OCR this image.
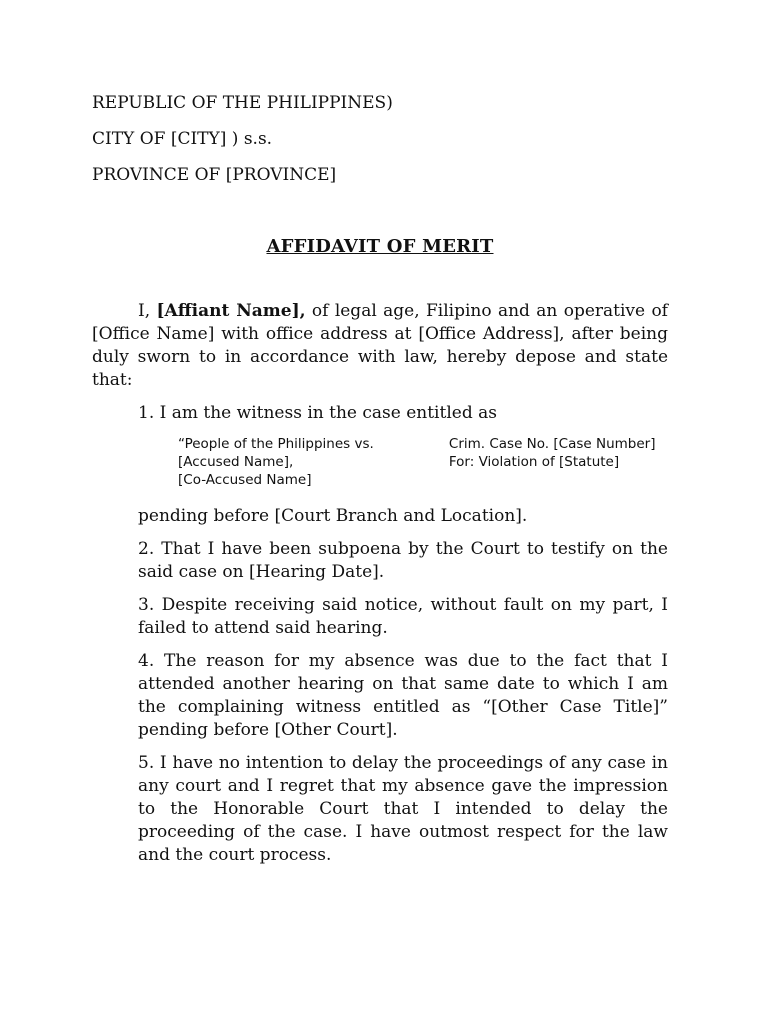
REPUBLIC OF THE PHILIPPINES)
CITY OF [CITY] ) s.s.
PROVINCE OF [PROVINCE]
AFFIDAVIT OF MERIT

I, [Affiant Name], of legal age, Filipino and an operative of [Office Name] with office address at [Office Address], after being duly sworn to in accordance with law, hereby depose and state that:

1. I am the witness in the case entitled as
“People of the Philippines vs.
[Accused Name],
[Co-Accused Name]
Crim. Case No. [Case Number]
For: Violation of [Statute]
pending before [Court Branch and Location].
2. That I have been subpoena by the Court to testify on the said case on [Hearing Date].
3. Despite receiving said notice, without fault on my part, I failed to attend said hearing.
4. The reason for my absence was due to the fact that I attended another hearing on that same date to which I am the complaining witness entitled as “[Other Case Title]” pending before [Other Court].
5. I have no intention to delay the proceedings of any case in any court and I regret that my absence gave the impression to the Honorable Court that I intended to delay the proceeding of the case. I have outmost respect for the law and the court process.
